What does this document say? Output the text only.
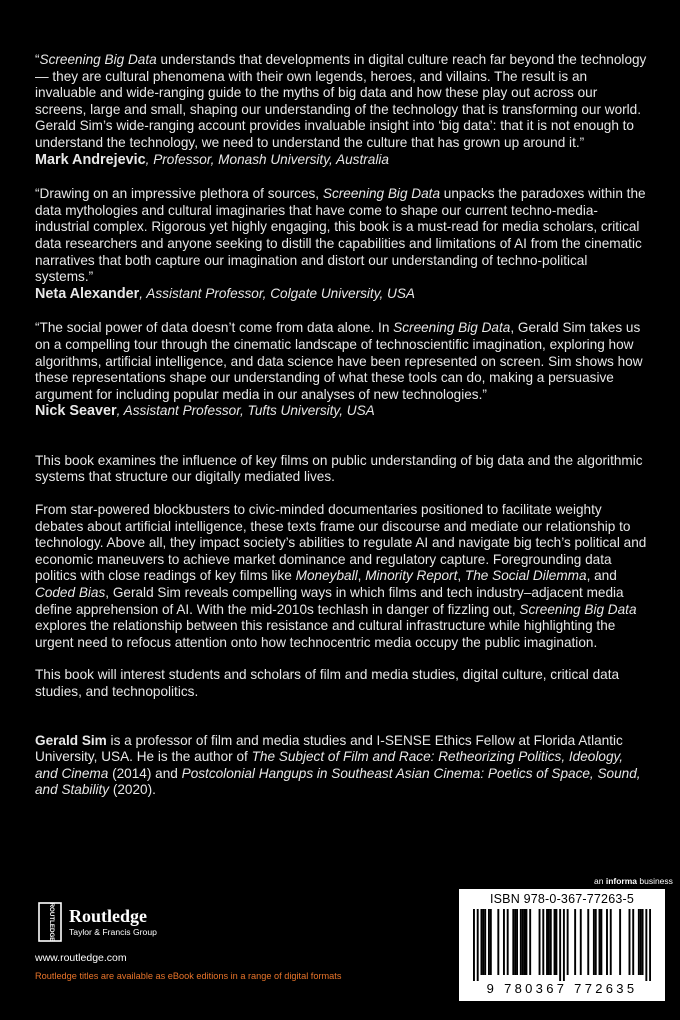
“Screening Big Data understands that developments in digital culture reach far beyond the technology — they are cultural phenomena with their own legends, heroes, and villains. The result is an invaluable and wide-ranging guide to the myths of big data and how these play out across our screens, large and small, shaping our understanding of the technology that is transforming our world. Gerald Sim’s wide-ranging account provides invaluable insight into ‘big data’: that it is not enough to understand the technology, we need to understand the culture that has grown up around it.”

Mark Andrejevic, Professor, Monash University, Australia

“Drawing on an impressive plethora of sources, Screening Big Data unpacks the paradoxes within the data mythologies and cultural imaginaries that have come to shape our current techno-media-industrial complex. Rigorous yet highly engaging, this book is a must-read for media scholars, critical data researchers and anyone seeking to distill the capabilities and limitations of AI from the cinematic narratives that both capture our imagination and distort our understanding of techno-political systems.”

Neta Alexander, Assistant Professor, Colgate University, USA

“The social power of data doesn’t come from data alone. In Screening Big Data, Gerald Sim takes us on a compelling tour through the cinematic landscape of technoscientific imagination, exploring how algorithms, artificial intelligence, and data science have been represented on screen. Sim shows how these representations shape our understanding of what these tools can do, making a persuasive argument for including popular media in our analyses of new technologies.”

Nick Seaver, Assistant Professor, Tufts University, USA

This book examines the influence of key films on public understanding of big data and the algorithmic systems that structure our digitally mediated lives.

From star-powered blockbusters to civic-minded documentaries positioned to facilitate weighty debates about artificial intelligence, these texts frame our discourse and mediate our relationship to technology. Above all, they impact society’s abilities to regulate AI and navigate big tech’s political and economic maneuvers to achieve market dominance and regulatory capture. Foregrounding data politics with close readings of key films like Moneyball, Minority Report, The Social Dilemma, and Coded Bias, Gerald Sim reveals compelling ways in which films and tech industry–adjacent media define apprehension of AI. With the mid-2010s techlash in danger of fizzling out, Screening Big Data explores the relationship between this resistance and cultural infrastructure while highlighting the urgent need to refocus attention onto how technocentric media occupy the public imagination.

This book will interest students and scholars of film and media studies, digital culture, critical data studies, and technopolitics.

Gerald Sim is a professor of film and media studies and I-SENSE Ethics Fellow at Florida Atlantic University, USA. He is the author of The Subject of Film and Race: Retheorizing Politics, Ideology, and Cinema (2014) and Postcolonial Hangups in Southeast Asian Cinema: Poetics of Space, Sound, and Stability (2020).

an informa business
ROUTLEDGE Routledge
Taylor & Francis Group
www.routledge.com
Routledge titles are available as eBook editions in a range of digital formats
ISBN 978-0-367-77263-5
9 780367 772635
